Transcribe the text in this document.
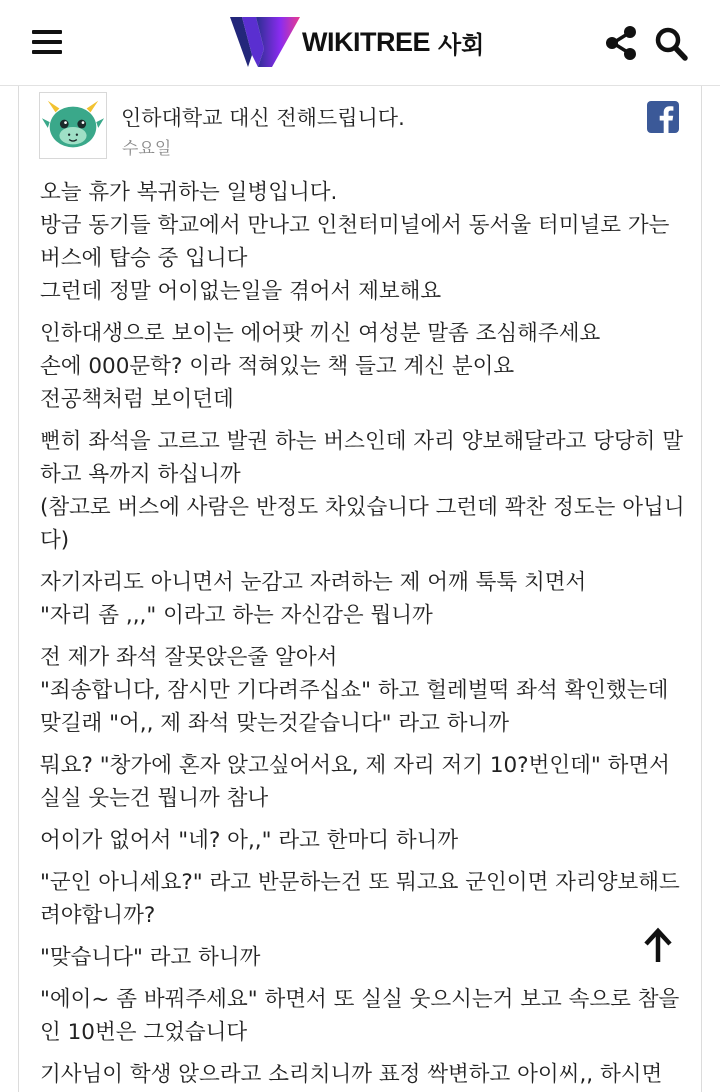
WIKITREE 사회
인하대학교 대신 전해드립니다.
수요일

오늘 휴가 복귀하는 일병입니다.
방금 동기들 학교에서 만나고 인천터미널에서 동서울 터미널로 가는 버스에 탑승 중 입니다
그런데 정말 어이없는일을 겪어서 제보해요

인하대생으로 보이는 에어팟 끼신 여성분 말좀 조심해주세요
손에 000문학? 이라 적혀있는 책 들고 계신 분이요
전공책처럼 보이던데

뻔히 좌석을 고르고 발권 하는 버스인데 자리 양보해달라고 당당히 말하고 욕까지 하십니까
(참고로 버스에 사람은 반정도 차있습니다 그런데 꽉찬 정도는 아닙니다)

자기자리도 아니면서 눈감고 자려하는 제 어깨 툭툭 치면서
"자리 좀 ,,," 이라고 하는 자신감은 뭡니까

전 제가 좌석 잘못앉은줄 알아서
"죄송합니다, 잠시만 기다려주십쇼" 하고 헐레벌떡 좌석 확인했는데 맞길래 "어,, 제 좌석 맞는것같습니다" 라고 하니까

뭐요? "창가에 혼자 앉고싶어서요, 제 자리 저기 10?번인데" 하면서 실실 웃는건 뭡니까 참나

어이가 없어서 "네? 아,," 라고 한마디 하니까

"군인 아니세요?" 라고 반문하는건 또 뭐고요 군인이면 자리양보해드려야합니까?

"맞습니다" 라고 하니까

"에이~ 좀 바꿔주세요" 하면서 또 실실 웃으시는거 보고 속으로 참을인 10번은 그었습니다

기사님이 학생 앉으라고 소리치니까 표정 싹변하고 아이씨,, 하시면
